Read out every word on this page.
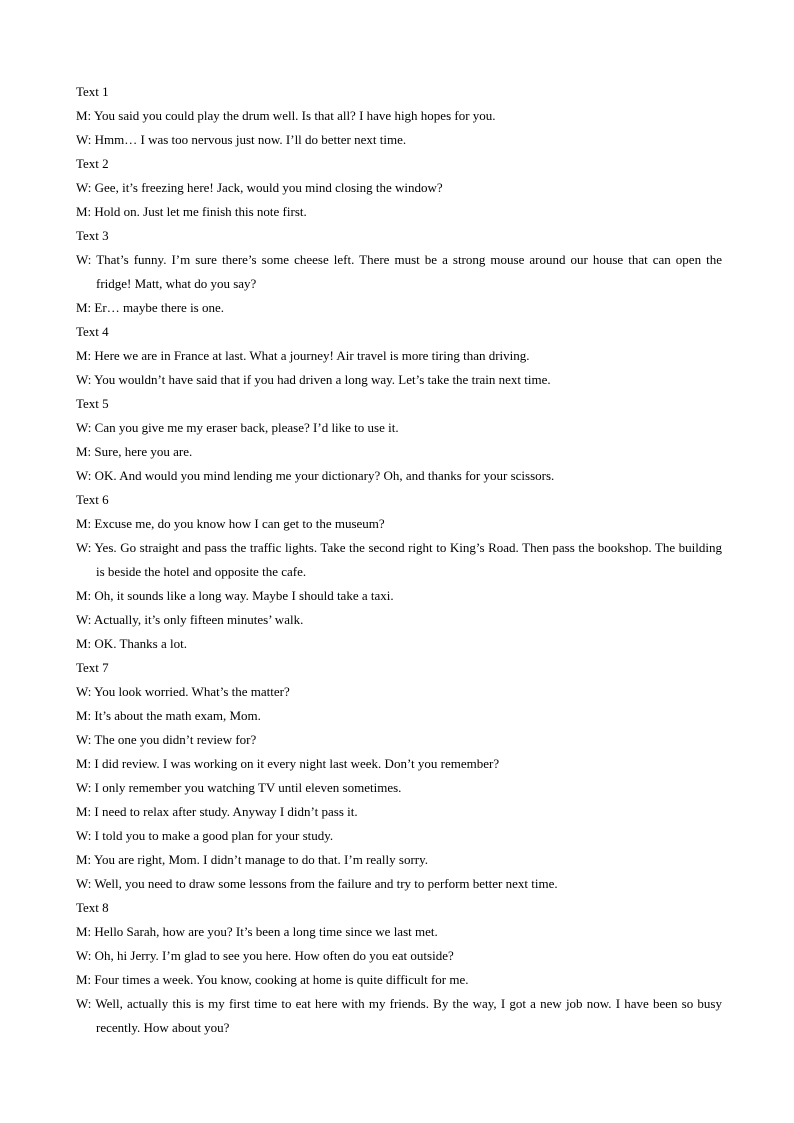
Text 1
M: You said you could play the drum well. Is that all? I have high hopes for you.
W: Hmm… I was too nervous just now. I’ll do better next time.
Text 2
W: Gee, it’s freezing here! Jack, would you mind closing the window?
M: Hold on. Just let me finish this note first.
Text 3
W: That’s funny. I’m sure there’s some cheese left. There must be a strong mouse around our house that can open the fridge! Matt, what do you say?
M: Er… maybe there is one.
Text 4
M: Here we are in France at last. What a journey! Air travel is more tiring than driving.
W: You wouldn’t have said that if you had driven a long way. Let’s take the train next time.
Text 5
W: Can you give me my eraser back, please? I’d like to use it.
M: Sure, here you are.
W: OK. And would you mind lending me your dictionary? Oh, and thanks for your scissors.
Text 6
M: Excuse me, do you know how I can get to the museum?
W: Yes. Go straight and pass the traffic lights. Take the second right to King’s Road. Then pass the bookshop. The building is beside the hotel and opposite the cafe.
M: Oh, it sounds like a long way. Maybe I should take a taxi.
W: Actually, it’s only fifteen minutes’ walk.
M: OK. Thanks a lot.
Text 7
W: You look worried. What’s the matter?
M: It’s about the math exam, Mom.
W: The one you didn’t review for?
M: I did review. I was working on it every night last week. Don’t you remember?
W: I only remember you watching TV until eleven sometimes.
M: I need to relax after study. Anyway I didn’t pass it.
W: I told you to make a good plan for your study.
M: You are right, Mom. I didn’t manage to do that. I’m really sorry.
W: Well, you need to draw some lessons from the failure and try to perform better next time.
Text 8
M: Hello Sarah, how are you? It’s been a long time since we last met.
W: Oh, hi Jerry. I’m glad to see you here. How often do you eat outside?
M: Four times a week. You know, cooking at home is quite difficult for me.
W: Well, actually this is my first time to eat here with my friends. By the way, I got a new job now. I have been so busy recently. How about you?
